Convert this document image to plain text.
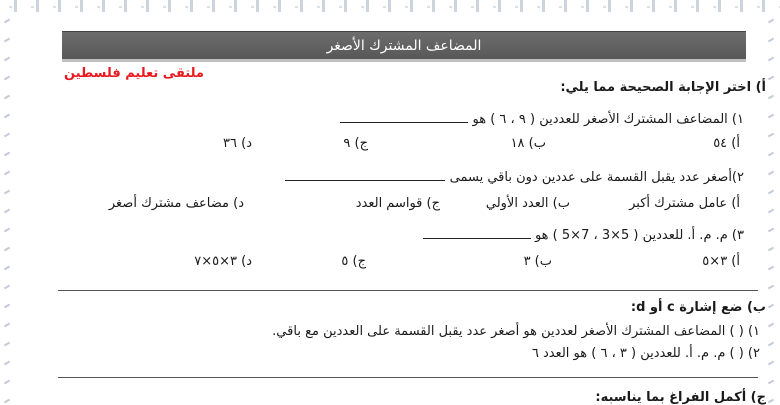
المضاعف المشترك الأصغر
ملتقى تعليم فلسطين
أ) اختر الإجابة الصحيحة مما يلي:
١) المضاعف المشترك الأصغر للعددين ( ٩ ، ٦ ) هو
أ) ٥٤
ب) ١٨
ج) ٩
د) ٣٦
٢)أصغر عدد يقبل القسمة على عددين دون باقي يسمى
أ) عامل مشترك أكبر
ب) العدد الأولي
ج) قواسم العدد
د) مضاعف مشترك أصغر
٣) م. م. أ. للعددين ( 5×3 ، 7×5 ) هو
أ) ٣×٥
ب) ٣
ج) ٥
د) ٣×٥×٧
ب) ضع إشارة c أو d:
١) ( ) المضاعف المشترك الأصغر لعددين هو أصغر عدد يقبل القسمة على العددين مع باقي.
٢) ( ) م. م. أ. للعددين ( ٣ ، ٦ ) هو العدد ٦
ج) أكمل الفراغ بما يناسبه:
